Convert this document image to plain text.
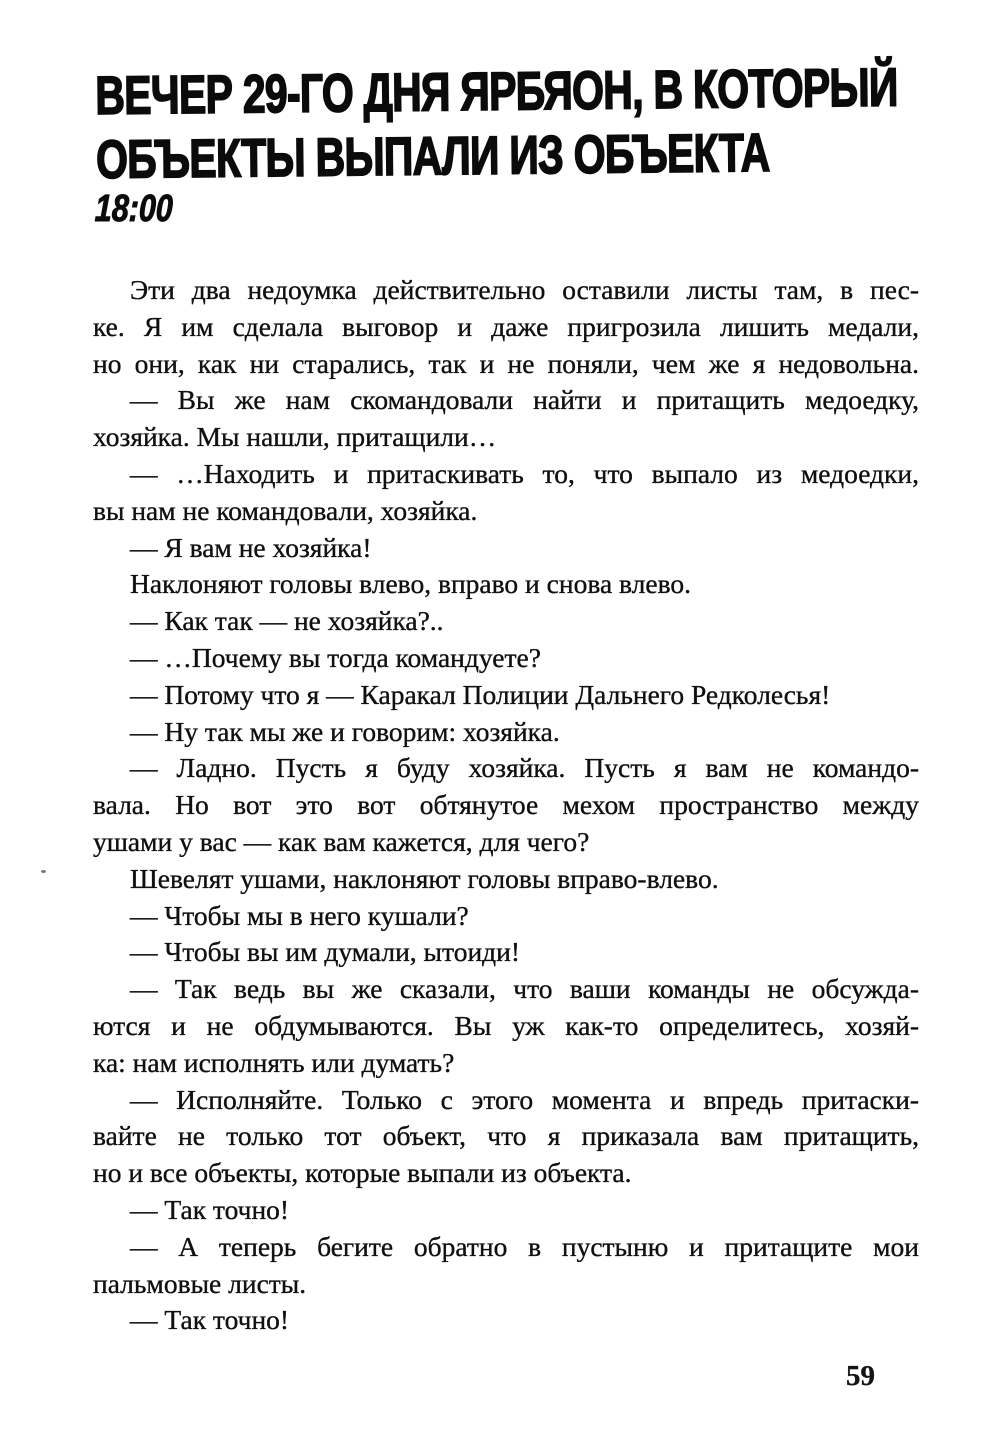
ВЕЧЕР 29-ГО ДНЯ ЯРБЯОН, В КОТОРЫЙ
ОБЪЕКТЫ ВЫПАЛИ ИЗ ОБЪЕКТА
18:00

Эти два недоумка действительно оставили листы там, в пес-
ке. Я им сделала выговор и даже пригрозила лишить медали,
но они, как ни старались, так и не поняли, чем же я недовольна.

— Вы же нам скомандовали найти и притащить медоедку,
хозяйка. Мы нашли, притащили…

— …Находить и притаскивать то, что выпало из медоедки,
вы нам не командовали, хозяйка.

— Я вам не хозяйка!

Наклоняют головы влево, вправо и снова влево.

— Как так — не хозяйка?..

— …Почему вы тогда командуете?

— Потому что я — Каракал Полиции Дальнего Редколесья!

— Ну так мы же и говорим: хозяйка.

— Ладно. Пусть я буду хозяйка. Пусть я вам не командо-
вала. Но вот это вот обтянутое мехом пространство между
ушами у вас — как вам кажется, для чего?

Шевелят ушами, наклоняют головы вправо-влево.

— Чтобы мы в него кушали?

— Чтобы вы им думали, ытоиди!

— Так ведь вы же сказали, что ваши команды не обсужда-
ются и не обдумываются. Вы уж как-то определитесь, хозяй-
ка: нам исполнять или думать?

— Исполняйте. Только с этого момента и впредь притаски-
вайте не только тот объект, что я приказала вам притащить,
но и все объекты, которые выпали из объекта.

— Так точно!

— А теперь бегите обратно в пустыню и притащите мои
пальмовые листы.

— Так точно!

59
